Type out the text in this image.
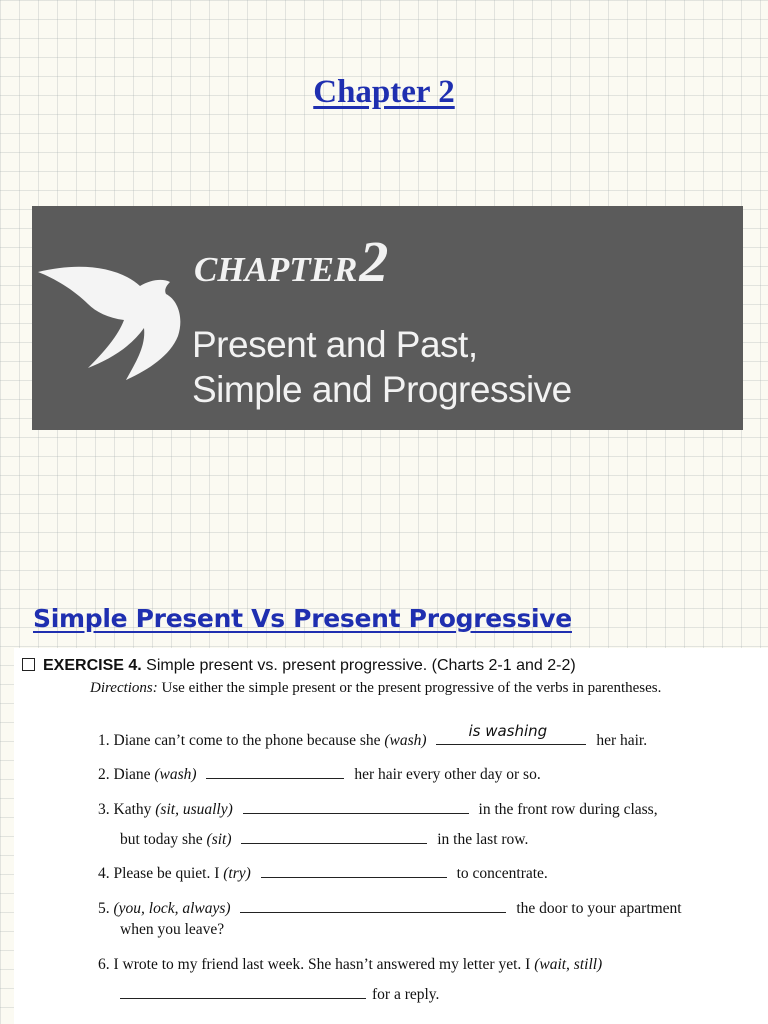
Chapter 2
CHAPTER2
Present and Past,
Simple and Progressive
Simple Present Vs Present Progressive
EXERCISE 4. Simple present vs. present progressive. (Charts 2-1 and 2-2)
Directions: Use either the simple present or the present progressive of the verbs in parentheses.
1. Diane can’t come to the phone because she (wash)
is washing
her hair.
2. Diane (wash)	her hair every other day or so.
3. Kathy (sit, usually)	in the front row during class,
but today she (sit)	in the last row.
4. Please be quiet. I (try)	to concentrate.
5. (you, lock, always)	the door to your apartment
when you leave?
6. I wrote to my friend last week. She hasn’t answered my letter yet. I (wait, still)
for a reply.
